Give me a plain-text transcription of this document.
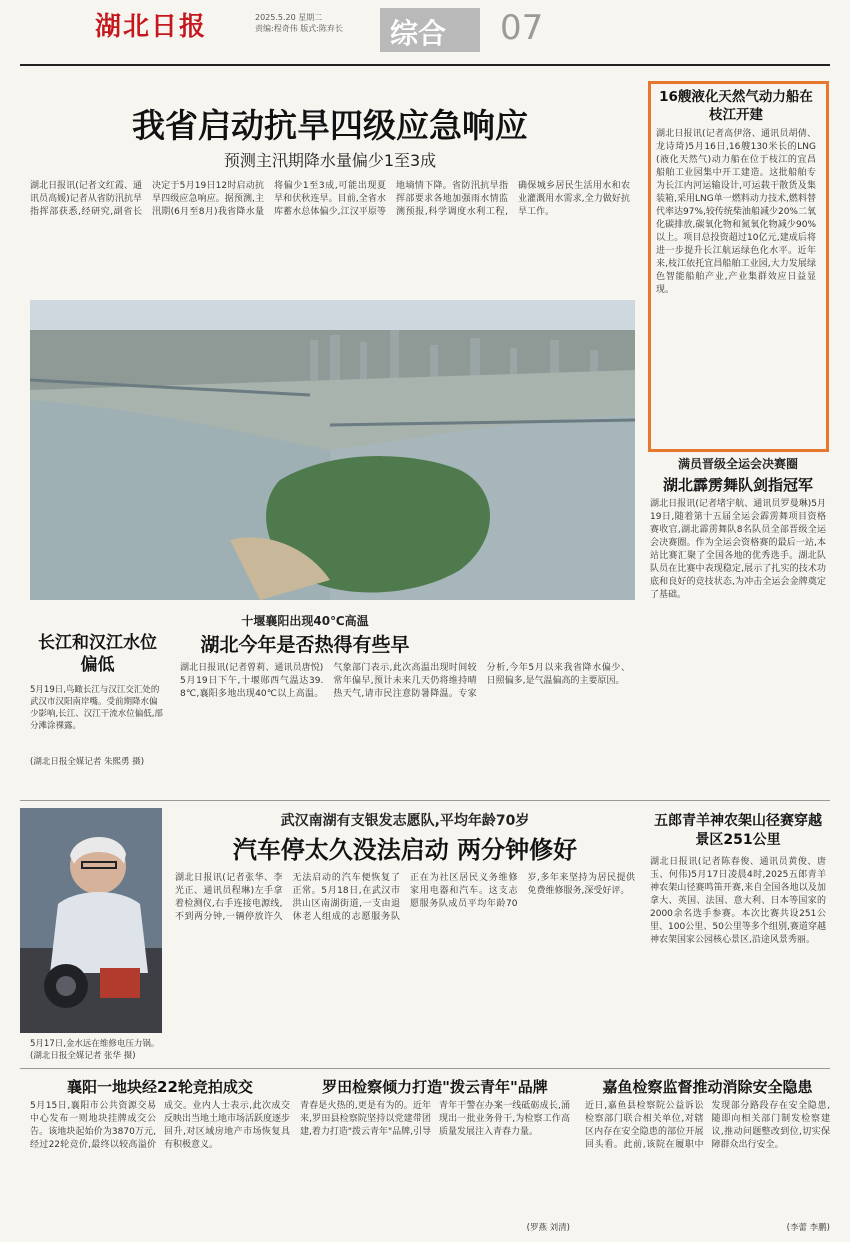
湖北日报	2025.5.20 星期二
责编:程奇伟 版式:陈弃长 综合 07
我省启动抗旱四级应急响应
预测主汛期降水量偏少1至3成
湖北日报讯(记者文红霞、通讯员高媛)记者从省防汛抗旱指挥部获悉,经研究,副省长决定于5月19日12时启动抗旱四级应急响应。据预测,主汛期(6月至8月)我省降水量将偏少1至3成,可能出现夏旱和伏秋连旱。目前,全省水库蓄水总体偏少,江汉平原等地墒情下降。省防汛抗旱指挥部要求各地加强雨水情监测预报,科学调度水利工程,确保城乡居民生活用水和农业灌溉用水需求,全力做好抗旱工作。
长江和汉江水位偏低
5月19日,鸟瞰长江与汉江交汇处的武汉市汉阳南岸嘴。受前期降水偏少影响,长江、汉江干流水位偏低,部分滩涂裸露。
(湖北日报全媒记者 朱熙勇 摄)
十堰襄阳出现40℃高温
湖北今年是否热得有些早
湖北日报讯(记者曾莉、通讯员唐悦)5月19日下午,十堰郧西气温达39.8℃,襄阳多地出现40℃以上高温。气象部门表示,此次高温出现时间较常年偏早,预计未来几天仍将维持晴热天气,请市民注意防暑降温。专家分析,今年5月以来我省降水偏少、日照偏多,是气温偏高的主要原因。
16艘液化天然气动力船在枝江开建
湖北日报讯(记者高伊洛、通讯员胡倩、龙诗琦)5月16日,16艘130米长的LNG(液化天然气)动力船在位于枝江的宜昌船舶工业园集中开工建造。这批船舶专为长江内河运输设计,可运载干散货及集装箱,采用LNG单一燃料动力技术,燃料替代率达97%,较传统柴油船减少20%二氧化碳排放,碳氧化物和氮氧化物减少90%以上。项目总投资超过10亿元,建成后将进一步提升长江航运绿色化水平。近年来,枝江依托宜昌船舶工业园,大力发展绿色智能船舶产业,产业集群效应日益显现。
满员晋级全运会决赛圈
湖北霹雳舞队剑指冠军
湖北日报讯(记者堵宇航、通讯员罗曼琳)5月19日,随着第十五届全运会霹雳舞项目资格赛收官,湖北霹雳舞队8名队员全部晋级全运会决赛圈。作为全运会资格赛的最后一站,本站比赛汇聚了全国各地的优秀选手。湖北队队员在比赛中表现稳定,展示了扎实的技术功底和良好的竞技状态,为冲击全运会金牌奠定了基础。
5月17日,金水远在维修电压力锅。
(湖北日报全媒记者 张华 摄)
武汉南湖有支银发志愿队,平均年龄70岁
汽车停太久没法启动 两分钟修好
湖北日报讯(记者张华、李光正、通讯员程琳)左手拿着检测仪,右手连接电源线,不到两分钟,一辆停放许久无法启动的汽车便恢复了正常。5月18日,在武汉市洪山区南湖街道,一支由退休老人组成的志愿服务队正在为社区居民义务维修家用电器和汽车。这支志愿服务队成员平均年龄70岁,多年来坚持为居民提供免费维修服务,深受好评。
五郎青羊神农架山径赛穿越景区251公里
湖北日报讯(记者陈春俊、通讯员黄俊、唐玉、何伟)5月17日凌晨4时,2025五郎青羊神农架山径赛鸣笛开赛,来自全国各地以及加拿大、英国、法国、意大利、日本等国家的2000余名选手参赛。本次比赛共设251公里、100公里、50公里等多个组别,赛道穿越神农架国家公园核心景区,沿途风景秀丽。
襄阳一地块经22轮竞拍成交
5月15日,襄阳市公共资源交易中心发布一则地块挂牌成交公告。该地块起始价为3870万元,经过22轮竞价,最终以较高溢价成交。业内人士表示,此次成交反映出当地土地市场活跃度逐步回升,对区域房地产市场恢复具有积极意义。
罗田检察倾力打造"拨云青年"品牌
青春是火热的,更是有为的。近年来,罗田县检察院坚持以党建带团建,着力打造"拨云青年"品牌,引导青年干警在办案一线砥砺成长,涌现出一批业务骨干,为检察工作高质量发展注入青春力量。
(罗燕 刘清)
嘉鱼检察监督推动消除安全隐患
近日,嘉鱼县检察院公益诉讼检察部门联合相关单位,对辖区内存在安全隐患的部位开展回头看。此前,该院在履职中发现部分路段存在安全隐患,随即向相关部门制发检察建议,推动问题整改到位,切实保障群众出行安全。
(李蕾 李鹏)
